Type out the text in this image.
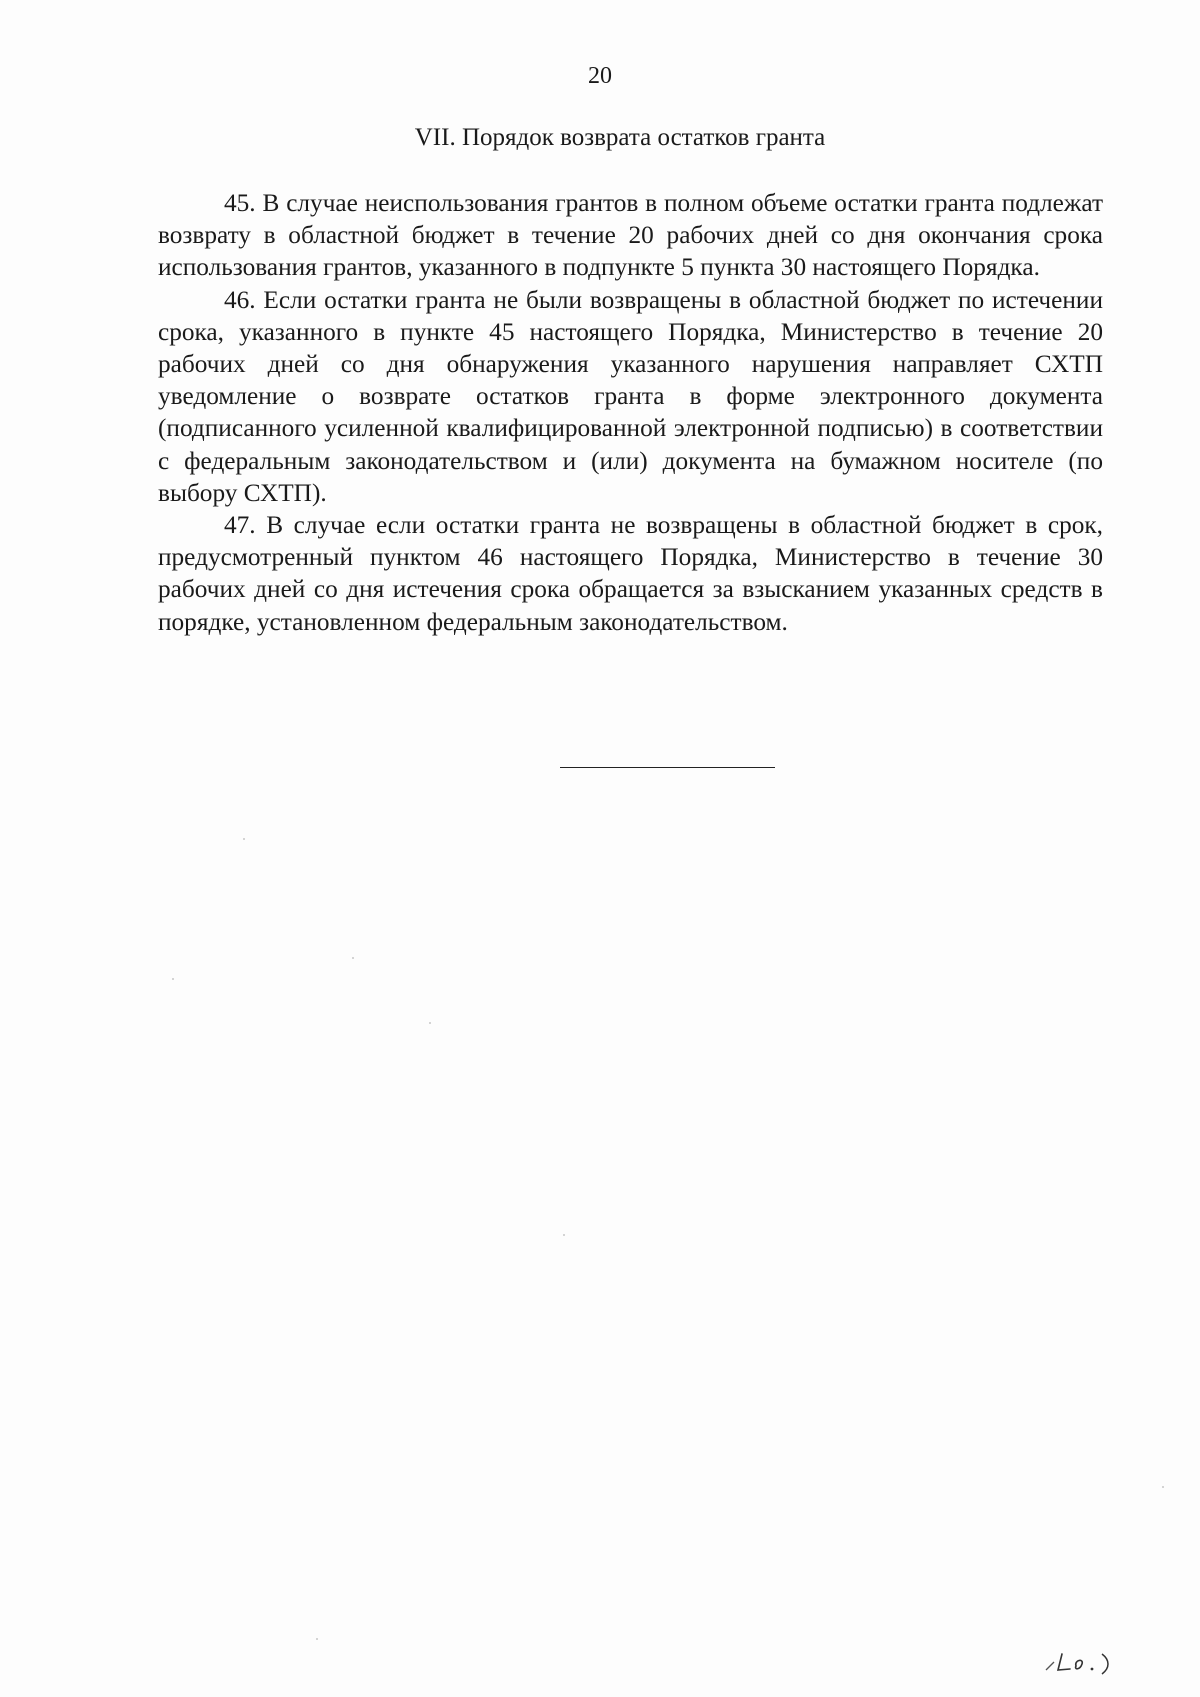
20
VII. Порядок возврата остатков гранта

45. В случае неиспользования грантов в полном объеме остатки гранта подлежат возврату в областной бюджет в течение 20 рабочих дней со дня окончания срока использования грантов, указанного в подпункте 5 пункта 30 настоящего Порядка.

46. Если остатки гранта не были возвращены в областной бюджет по истечении срока, указанного в пункте 45 настоящего Порядка, Министерство в течение 20 рабочих дней со дня обнаружения указанного нарушения направляет СХТП уведомление о возврате остатков гранта в форме электронного документа (подписанного усиленной квалифицированной электронной подписью) в соответствии с федеральным законодательством и (или) документа на бумажном носителе (по выбору СХТП).

47. В случае если остатки гранта не возвращены в областной бюджет в срок, предусмотренный пунктом 46 настоящего Порядка, Министерство в течение 30 рабочих дней со дня истечения срока обращается за взысканием указанных средств в порядке, установленном федеральным законодательством.
